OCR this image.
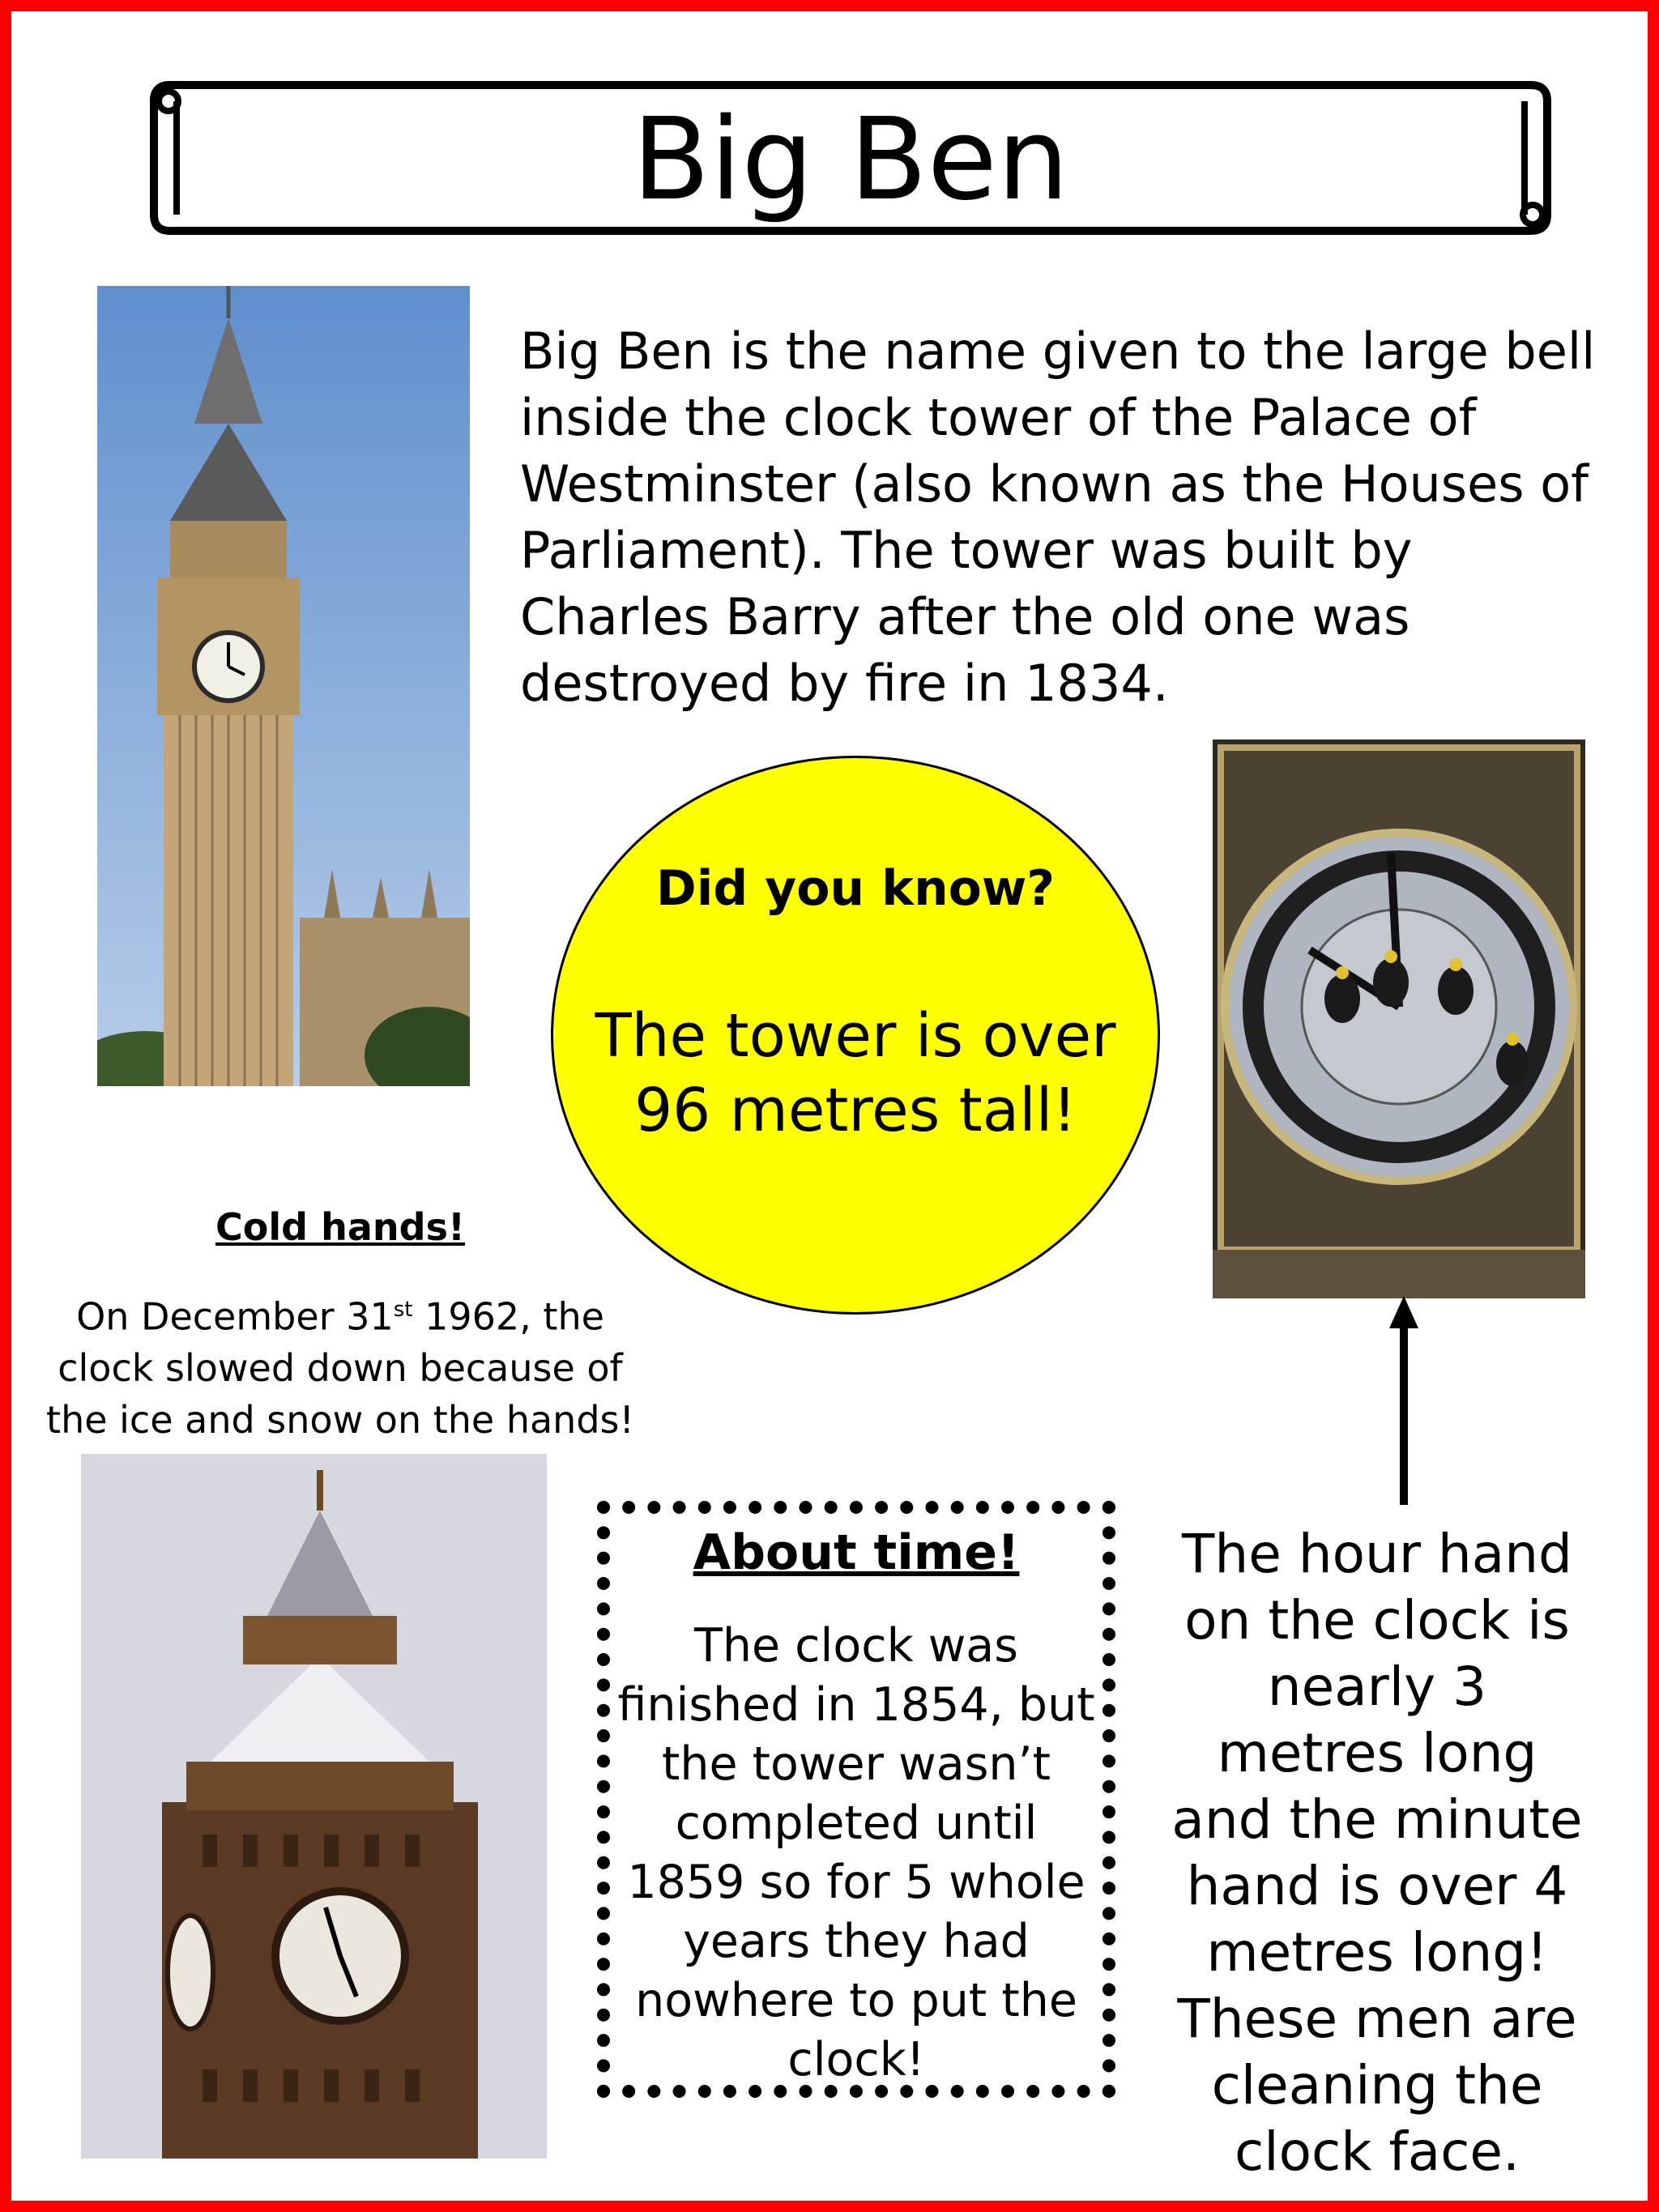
Big Ben
Big Ben is the name given to the large bell inside the clock tower of the Palace of Westminster (also known as the Houses of Parliament). The tower was built by Charles Barry after the old one was destroyed by fire in 1834.
Did you know?
The tower is over 96 metres tall!
Cold hands!
On December 31st 1962, the clock slowed down because of the ice and snow on the hands!
About time!
The clock was finished in 1854, but the tower wasn’t completed until 1859 so for 5 whole years they had nowhere to put the clock!
The hour hand on the clock is nearly 3 metres long and the minute hand is over 4 metres long! These men are cleaning the clock face.
